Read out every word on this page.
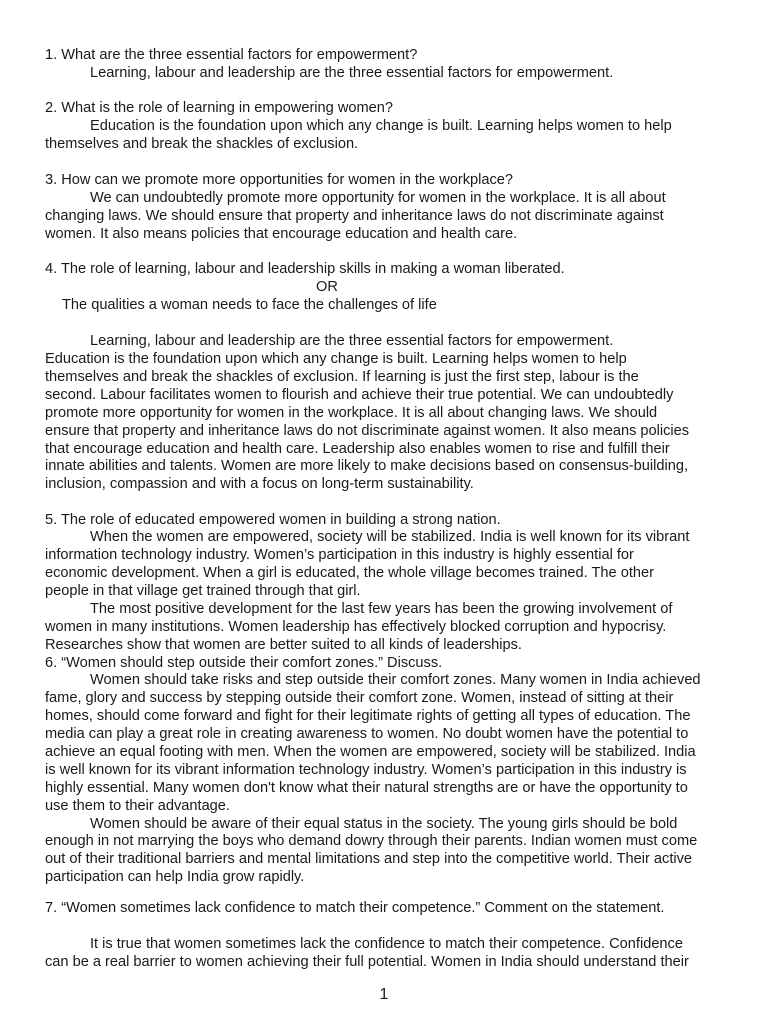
1. What are the three essential factors for empowerment?
Learning, labour and leadership are the three essential factors for empowerment.
2. What is the role of learning in empowering women?
Education is the foundation upon which any change is built. Learning helps women to help
themselves and break the shackles of exclusion.
3. How can we promote more opportunities for women in the workplace?
We can undoubtedly promote more opportunity for women in the workplace. It is all about
changing laws. We should ensure that property and inheritance laws do not discriminate against
women. It also means policies that encourage education and health care.
4. The role of learning, labour and leadership skills in making a woman liberated.
OR
The qualities a woman needs to face the challenges of life
Learning, labour and leadership are the three essential factors for empowerment.
Education is the foundation upon which any change is built. Learning helps women to help
themselves and break the shackles of exclusion. If learning is just the first step, labour is the
second. Labour facilitates women to flourish and achieve their true potential. We can undoubtedly
promote more opportunity for women in the workplace. It is all about changing laws. We should
ensure that property and inheritance laws do not discriminate against women. It also means policies
that encourage education and health care. Leadership also enables women to rise and fulfill their
innate abilities and talents. Women are more likely to make decisions based on consensus-building,
inclusion, compassion and with a focus on long-term sustainability.
5. The role of educated empowered women in building a strong nation.
When the women are empowered, society will be stabilized. India is well known for its vibrant
information technology industry. Women’s participation in this industry is highly essential for
economic development. When a girl is educated, the whole village becomes trained. The other
people in that village get trained through that girl.
The most positive development for the last few years has been the growing involvement of
women in many institutions. Women leadership has effectively blocked corruption and hypocrisy.
Researches show that women are better suited to all kinds of leaderships.
6. “Women should step outside their comfort zones.” Discuss.
Women should take risks and step outside their comfort zones. Many women in India achieved
fame, glory and success by stepping outside their comfort zone. Women, instead of sitting at their
homes, should come forward and fight for their legitimate rights of getting all types of education. The
media can play a great role in creating awareness to women. No doubt women have the potential to
achieve an equal footing with men. When the women are empowered, society will be stabilized. India
is well known for its vibrant information technology industry. Women’s participation in this industry is
highly essential. Many women don't know what their natural strengths are or have the opportunity to
use them to their advantage.
Women should be aware of their equal status in the society. The young girls should be bold
enough in not marrying the boys who demand dowry through their parents. Indian women must come
out of their traditional barriers and mental limitations and step into the competitive world. Their active
participation can help India grow rapidly.
7. “Women sometimes lack confidence to match their competence.” Comment on the statement.
It is true that women sometimes lack the confidence to match their competence. Confidence
can be a real barrier to women achieving their full potential. Women in India should understand their
1
